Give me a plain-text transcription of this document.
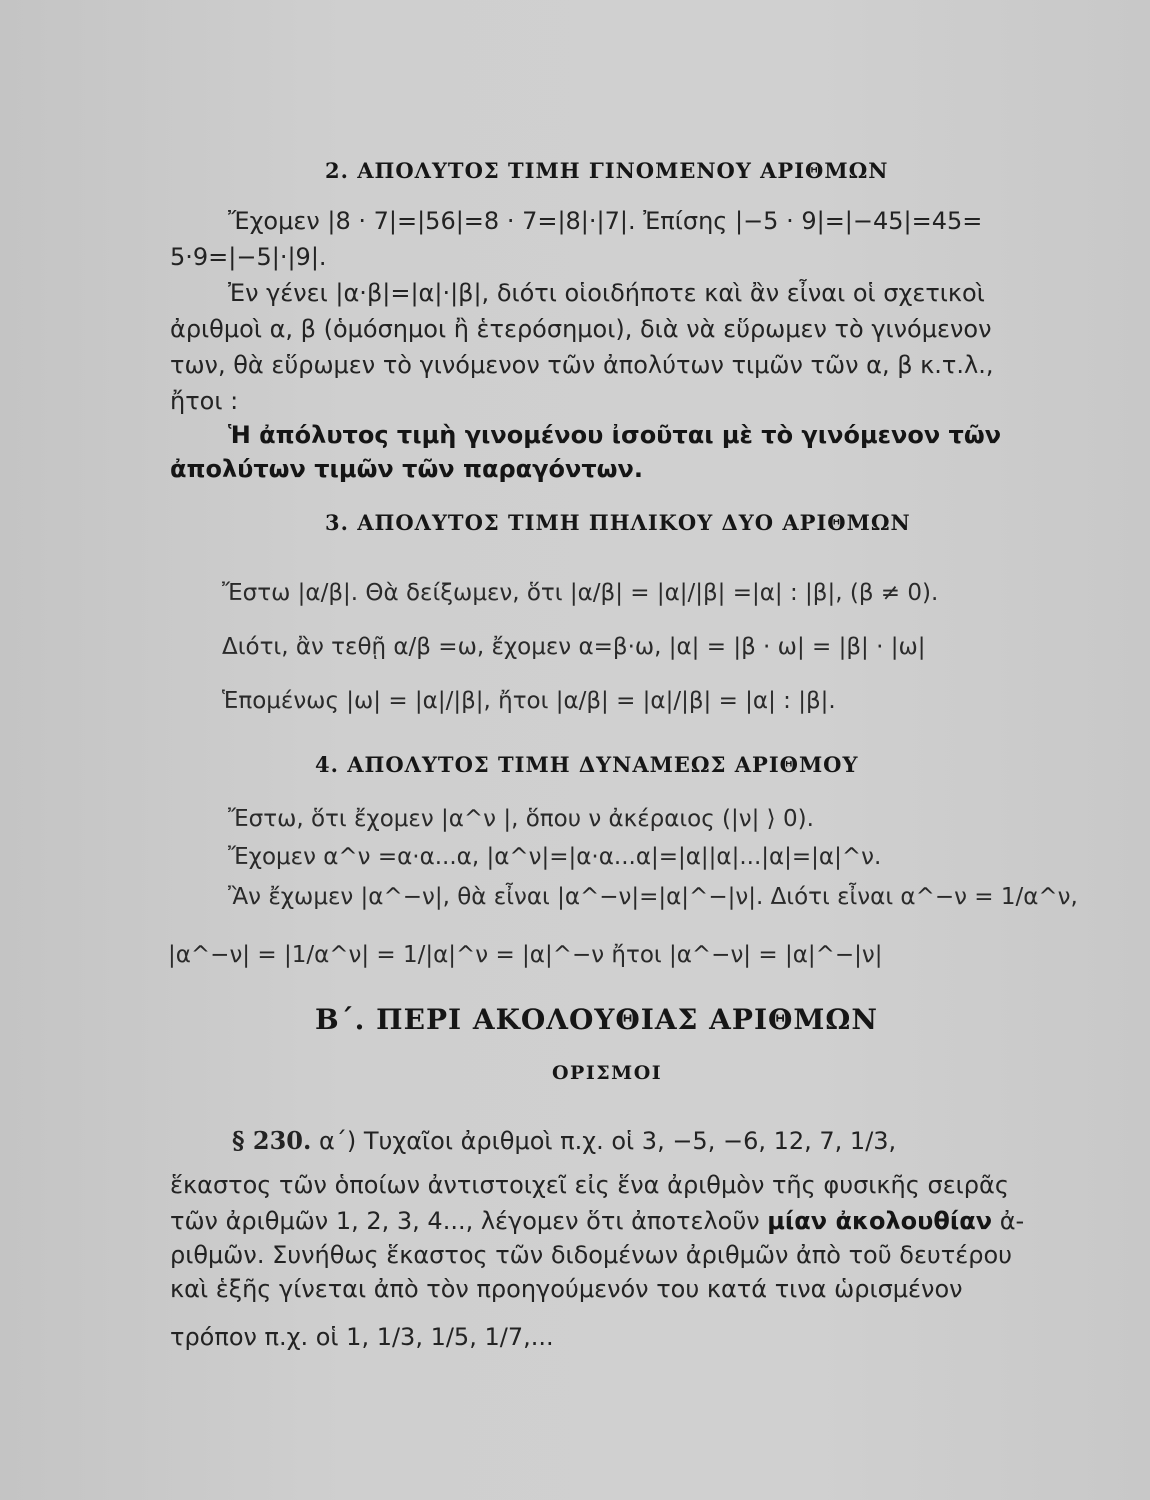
2. ΑΠΟΛΥΤΟΣ ΤΙΜΗ ΓΙΝΟΜΕΝΟΥ ΑΡΙΘΜΩΝ
Ἔχομεν |8 · 7|=|56|=8 · 7=|8|·|7|. Ἐπίσης |−5 · 9|=|−45|=45=
5·9=|−5|·|9|.
Ἐν γένει |α·β|=|α|·|β|, διότι οἱοιδήποτε καὶ ἂν εἶναι οἱ σχετικοὶ
ἀριθμοὶ α, β (ὁμόσημοι ἢ ἑτερόσημοι), διὰ νὰ εὕρωμεν τὸ γινόμενον
των, θὰ εὕρωμεν τὸ γινόμενον τῶν ἀπολύτων τιμῶν τῶν α, β κ.τ.λ.,
ἤτοι :
Ἡ ἀπόλυτος τιμὴ γινομένου ἰσοῦται μὲ τὸ γινόμενον τῶν
ἀπολύτων τιμῶν τῶν παραγόντων.
3. ΑΠΟΛΥΤΟΣ ΤΙΜΗ ΠΗΛΙΚΟΥ ΔΥΟ ΑΡΙΘΜΩΝ
Ἔστω |α/β|. Θὰ δείξωμεν, ὅτι |α/β| = |α|/|β| =|α| : |β|, (β ≠ 0).
Διότι, ἂν τεθῇ α/β =ω, ἔχομεν α=β·ω, |α| = |β · ω| = |β| · |ω|
Ἑπομένως |ω| = |α|/|β|, ἤτοι |α/β| = |α|/|β| = |α| : |β|.
4. ΑΠΟΛΥΤΟΣ ΤΙΜΗ ΔΥΝΑΜΕΩΣ ΑΡΙΘΜΟΥ
Ἔστω, ὅτι ἔχομεν |α^ν |, ὅπου ν ἀκέραιος (|ν| ⟩ 0).
Ἔχομεν α^ν =α·α...α, |α^ν|=|α·α...α|=|α||α|...|α|=|α|^ν.
Ἂν ἔχωμεν |α^−ν|, θὰ εἶναι |α^−ν|=|α|^−|ν|. Διότι εἶναι α^−ν = 1/α^ν,
|α^−ν| = |1/α^ν| = 1/|α|^ν = |α|^−ν ἤτοι |α^−ν| = |α|^−|ν|
Β΄. ΠΕΡΙ ΑΚΟΛΟΥΘΙΑΣ ΑΡΙΘΜΩΝ
ΟΡΙΣΜΟΙ
§ 230. α΄) Τυχαῖοι ἀριθμοὶ π.χ. οἱ 3, −5, −6, 12, 7, 1/3,
ἕκαστος τῶν ὁποίων ἀντιστοιχεῖ εἰς ἕνα ἀριθμὸν τῆς φυσικῆς σειρᾶς
τῶν ἀριθμῶν 1, 2, 3, 4..., λέγομεν ὅτι ἀποτελοῦν μίαν ἀκολουθίαν ἀ-
ριθμῶν. Συνήθως ἕκαστος τῶν διδομένων ἀριθμῶν ἀπὸ τοῦ δευτέρου
καὶ ἑξῆς γίνεται ἀπὸ τὸν προηγούμενόν του κατά τινα ὡρισμένον
τρόπον π.χ. οἱ 1, 1/3, 1/5, 1/7,...
